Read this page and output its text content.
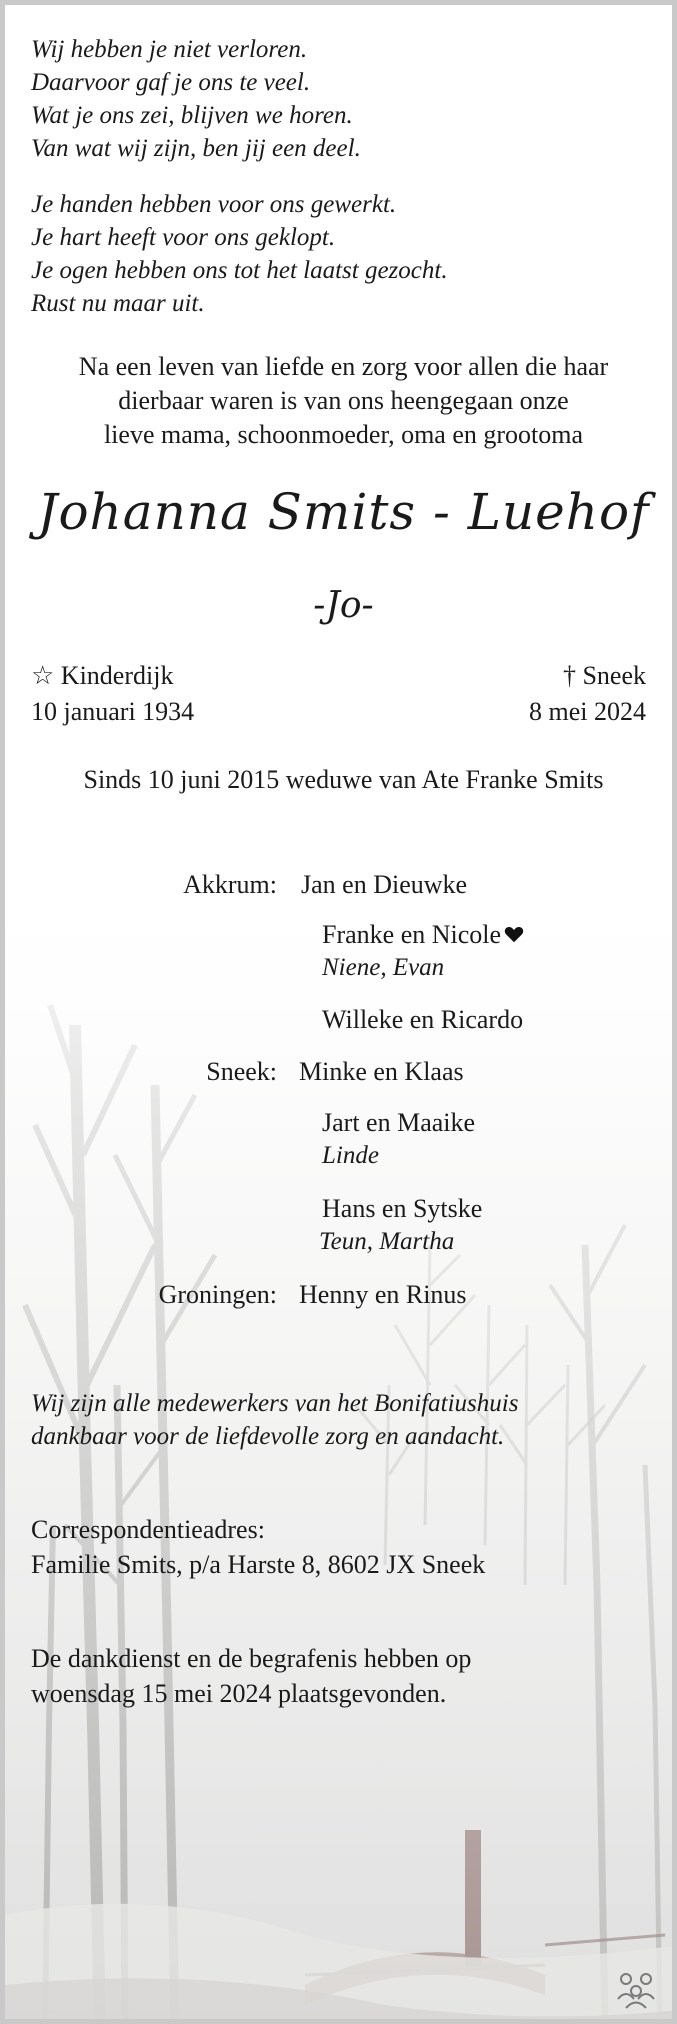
Wij hebben je niet verloren.
Daarvoor gaf je ons te veel.
Wat je ons zei, blijven we horen.
Van wat wij zijn, ben jij een deel.
Je handen hebben voor ons gewerkt.
Je hart heeft voor ons geklopt.
Je ogen hebben ons tot het laatst gezocht.
Rust nu maar uit.
Na een leven van liefde en zorg voor allen die haar
dierbaar waren is van ons heengegaan onze
lieve mama, schoonmoeder, oma en grootoma
Johanna Smits - Luehof
-Jo-
☆ Kinderdijk
10 januari 1934
† Sneek
8 mei 2024
Sinds 10 juni 2015 weduwe van Ate Franke Smits
Akkrum: Jan en Dieuwke
Franke en Nicole
Niene, Evan
Willeke en Ricardo
Sneek: Minke en Klaas
Jart en Maaike
Linde
Hans en Sytske
Teun, Martha
Groningen: Henny en Rinus
Wij zijn alle medewerkers van het Bonifatiushuis
dankbaar voor de liefdevolle zorg en aandacht.
Correspondentieadres:
Familie Smits, p/a Harste 8, 8602 JX Sneek
De dankdienst en de begrafenis hebben op
woensdag 15 mei 2024 plaatsgevonden.
